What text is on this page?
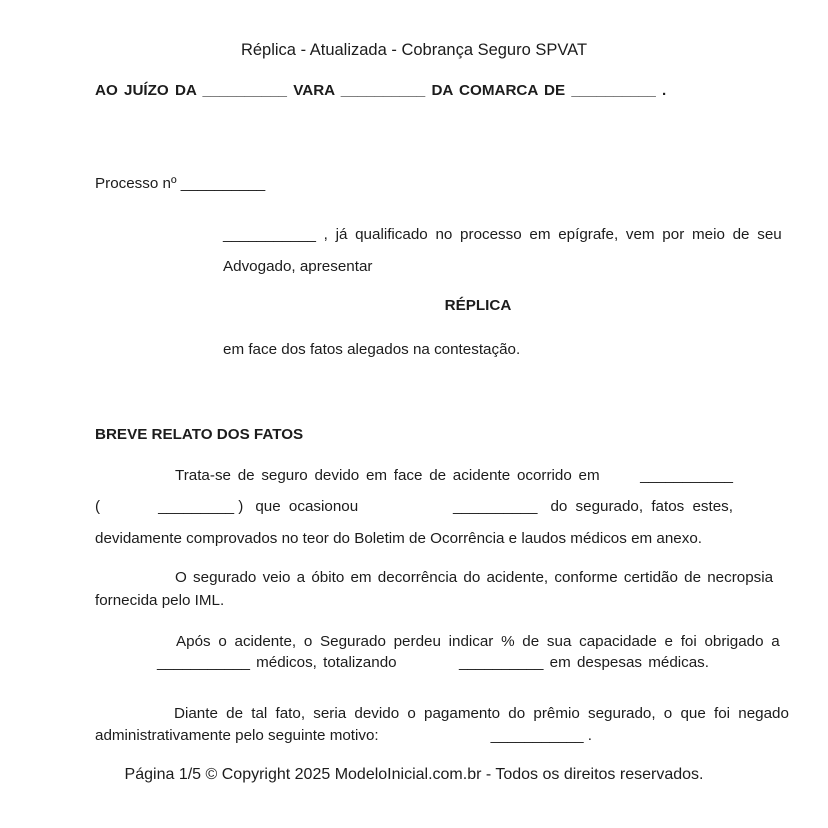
Réplica - Atualizada - Cobrança Seguro SPVAT
AO JUÍZO DA __________ VARA __________ DA COMARCA DE __________ .
Processo nº __________
___________ , já qualificado no processo em epígrafe, vem por meio de seu
Advogado, apresentar
RÉPLICA
em face dos fatos alegados na contestação.
BREVE RELATO DOS FATOS
Trata-se de seguro devido em face de acidente ocorrido em	___________
(	_________ ) que ocasionou	__________ do segurado, fatos estes,
devidamente comprovados no teor do Boletim de Ocorrência e laudos médicos em anexo.
O segurado veio a óbito em decorrência do acidente, conforme certidão de necropsia
fornecida pelo IML.
Após o acidente, o Segurado perdeu indicar % de sua capacidade e foi obrigado a
___________ médicos, totalizando	__________ em despesas médicas.
Diante de tal fato, seria devido o pagamento do prêmio segurado, o que foi negado
administrativamente pelo seguinte motivo:	___________ .
Página 1/5 © Copyright 2025 ModeloInicial.com.br - Todos os direitos reservados.
